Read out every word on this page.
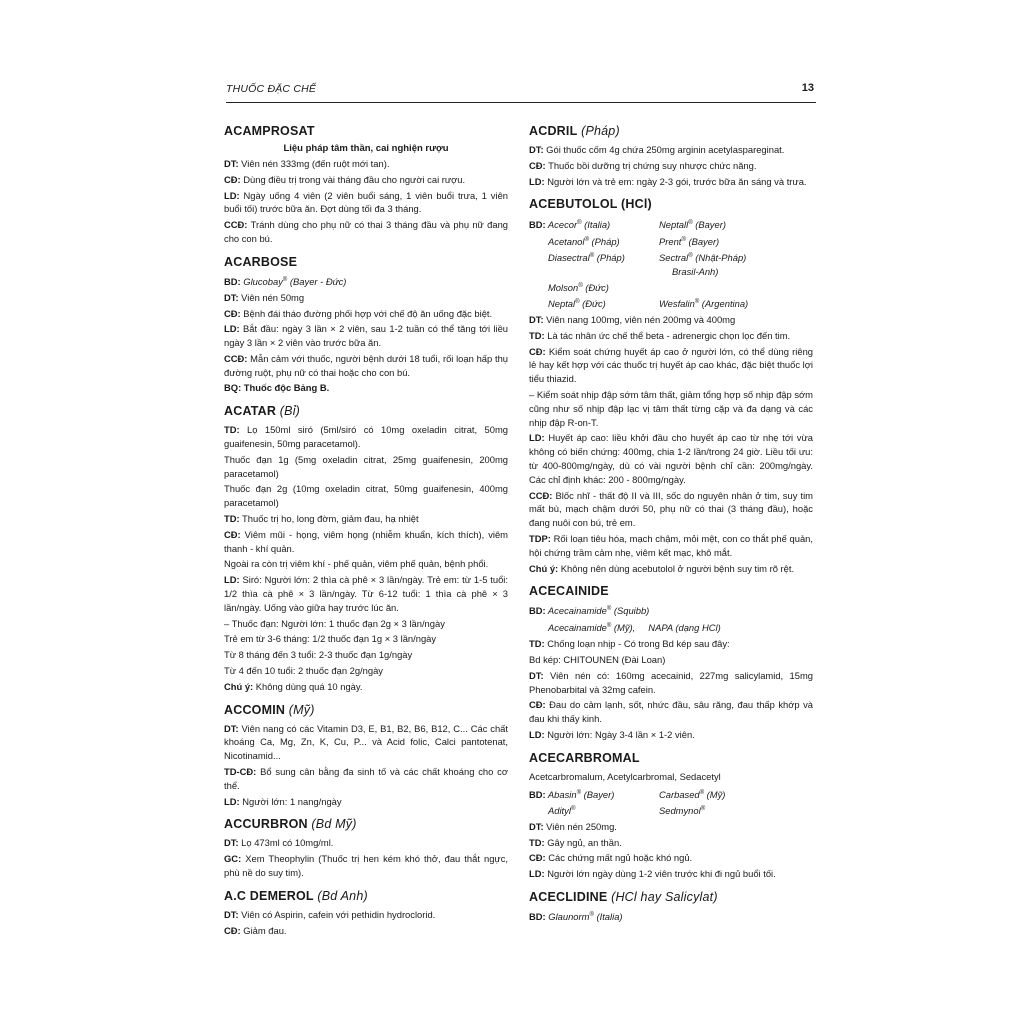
THUỐC ĐẶC CHẾ	13
ACAMPROSAT
Liệu pháp tâm thần, cai nghiện rượu

DT: Viên nén 333mg (đến ruột mới tan).

CĐ: Dùng điều trị trong vài tháng đầu cho người cai rượu.

LD: Ngày uống 4 viên (2 viên buổi sáng, 1 viên buổi trưa, 1 viên buổi tối) trước bữa ăn. Đợt dùng tối đa 3 tháng.

CCĐ: Tránh dùng cho phụ nữ có thai 3 tháng đầu và phụ nữ đang cho con bú.

ACARBOSE

BD: Glucobay® (Bayer - Đức)

DT: Viên nén 50mg

CĐ: Bệnh đái tháo đường phối hợp với chế độ ăn uống đặc biệt.

LD: Bắt đầu: ngày 3 lần × 2 viên, sau 1-2 tuần có thể tăng tới liều ngày 3 lần × 2 viên vào trước bữa ăn.

CCĐ: Mẫn cảm với thuốc, người bệnh dưới 18 tuổi, rối loạn hấp thụ đường ruột, phụ nữ có thai hoặc cho con bú.

BQ: Thuốc độc Bảng B.

ACATAR (Bỉ)

TD: Lọ 150ml siró (5ml/siró có 10mg oxeladin citrat, 50mg guaifenesin, 50mg paracetamol).

Thuốc đạn 1g (5mg oxeladin citrat, 25mg guaifenesin, 200mg paracetamol)

Thuốc đạn 2g (10mg oxeladin citrat, 50mg guaifenesin, 400mg paracetamol)

TD: Thuốc trị ho, long đờm, giảm đau, hạ nhiệt

CĐ: Viêm mũi - họng, viêm họng (nhiễm khuẩn, kích thích), viêm thanh - khí quản.

Ngoài ra còn trị viêm khí - phế quản, viêm phế quản, bệnh phổi.

LD: Siró: Người lớn: 2 thìa cà phê × 3 lần/ngày. Trẻ em: từ 1-5 tuổi: 1/2 thìa cà phê × 3 lần/ngày. Từ 6-12 tuổi: 1 thìa cà phê × 3 lần/ngày. Uống vào giữa hay trước lúc ăn.

– Thuốc đạn: Người lớn: 1 thuốc đạn 2g × 3 lần/ngày

Trẻ em từ 3-6 tháng: 1/2 thuốc đạn 1g × 3 lần/ngày

Từ 8 tháng đến 3 tuổi: 2-3 thuốc đạn 1g/ngày

Từ 4 đến 10 tuổi: 2 thuốc đạn 2g/ngày

Chú ý: Không dùng quá 10 ngày.

ACCOMIN (Mỹ)

DT: Viên nang có các Vitamin D3, E, B1, B2, B6, B12, C... Các chất khoáng Ca, Mg, Zn, K, Cu, P... và Acid folic, Calci pantotenat, Nicotinamid...

TD-CĐ: Bổ sung cân bằng đa sinh tố và các chất khoáng cho cơ thể.

LD: Người lớn: 1 nang/ngày

ACCURBRON (Bd Mỹ)

DT: Lọ 473ml có 10mg/ml.

GC: Xem Theophylin (Thuốc trị hen kém khó thở, đau thắt ngực, phù nề do suy tim).

A.C DEMEROL (Bd Anh)

DT: Viên có Aspirin, cafein với pethidin hydroclorid.

CĐ: Giảm đau.

ACDRIL (Pháp)

DT: Gói thuốc cốm 4g chứa 250mg arginin acetylaspareginat.

CĐ: Thuốc bồi dưỡng trị chứng suy nhược chức năng.

LD: Người lớn và trẻ em: ngày 2-3 gói, trước bữa ăn sáng và trưa.

ACEBUTOLOL (HCl)
BD: Acecor® (Italia)	Neptall® (Bayer)
Acetanol® (Pháp)	Prent® (Bayer)
Diasectral® (Pháp)	Sectral® (Nhật-Pháp)
Brasil-Anh)
Molson® (Đức)
Neptal® (Đức)	Wesfalin® (Argentina)

DT: Viên nang 100mg, viên nén 200mg và 400mg

TD: Là tác nhân ức chế thể beta - adrenergic chọn lọc đến tim.

CĐ: Kiểm soát chứng huyết áp cao ở người lớn, có thể dùng riêng lẻ hay kết hợp với các thuốc trị huyết áp cao khác, đặc biệt thuốc lợi tiểu thiazid.

– Kiểm soát nhịp đập sớm tâm thất, giảm tổng hợp số nhịp đập sớm cũng như số nhịp đập lạc vị tâm thất từng cặp và đa dạng và các nhịp đập R-on-T.

LD: Huyết áp cao: liều khởi đầu cho huyết áp cao từ nhẹ tới vừa không có biến chứng: 400mg, chia 1-2 lần/trong 24 giờ. Liều tối ưu: từ 400-800mg/ngày, dù có vài người bệnh chỉ cần: 200mg/ngày. Các chỉ định khác: 200 - 800mg/ngày.

CCĐ: Blốc nhĩ - thất độ II và III, sốc do nguyên nhân ở tim, suy tim mất bù, mạch chậm dưới 50, phụ nữ có thai (3 tháng đầu), hoặc đang nuôi con bú, trẻ em.

TDP: Rối loạn tiêu hóa, mạch chậm, mỏi mệt, con co thắt phế quản, hội chứng trầm cảm nhẹ, viêm kết mạc, khô mắt.

Chú ý: Không nên dùng acebutolol ở người bệnh suy tim rõ rệt.

ACECAINIDE

BD: Acecainamide® (Squibb)

Acecainamide® (Mỹ), NAPA (dạng HCl)

TD: Chống loạn nhịp - Có trong Bd kép sau đây:

Bd kép: CHITOUNEN (Đài Loan)

DT: Viên nén có: 160mg acecainid, 227mg salicylamid, 15mg Phenobarbital và 32mg cafein.

CĐ: Đau do cảm lạnh, sốt, nhức đầu, sâu răng, đau thấp khớp và đau khi thấy kinh.

LD: Người lớn: Ngày 3-4 lần × 1-2 viên.

ACECARBROMAL

Acetcarbromalum, Acetylcarbromal, Sedacetyl

BD: Abasin® (Bayer)	Carbased® (Mỹ)
Adityl®	Sedmynol®

DT: Viên nén 250mg.

TD: Gây ngủ, an thần.

CĐ: Các chứng mất ngủ hoặc khó ngủ.

LD: Người lớn ngày dùng 1-2 viên trước khi đi ngủ buổi tối.

ACECLIDINE (HCl hay Salicylat)

BD: Glaunorm® (Italia)
